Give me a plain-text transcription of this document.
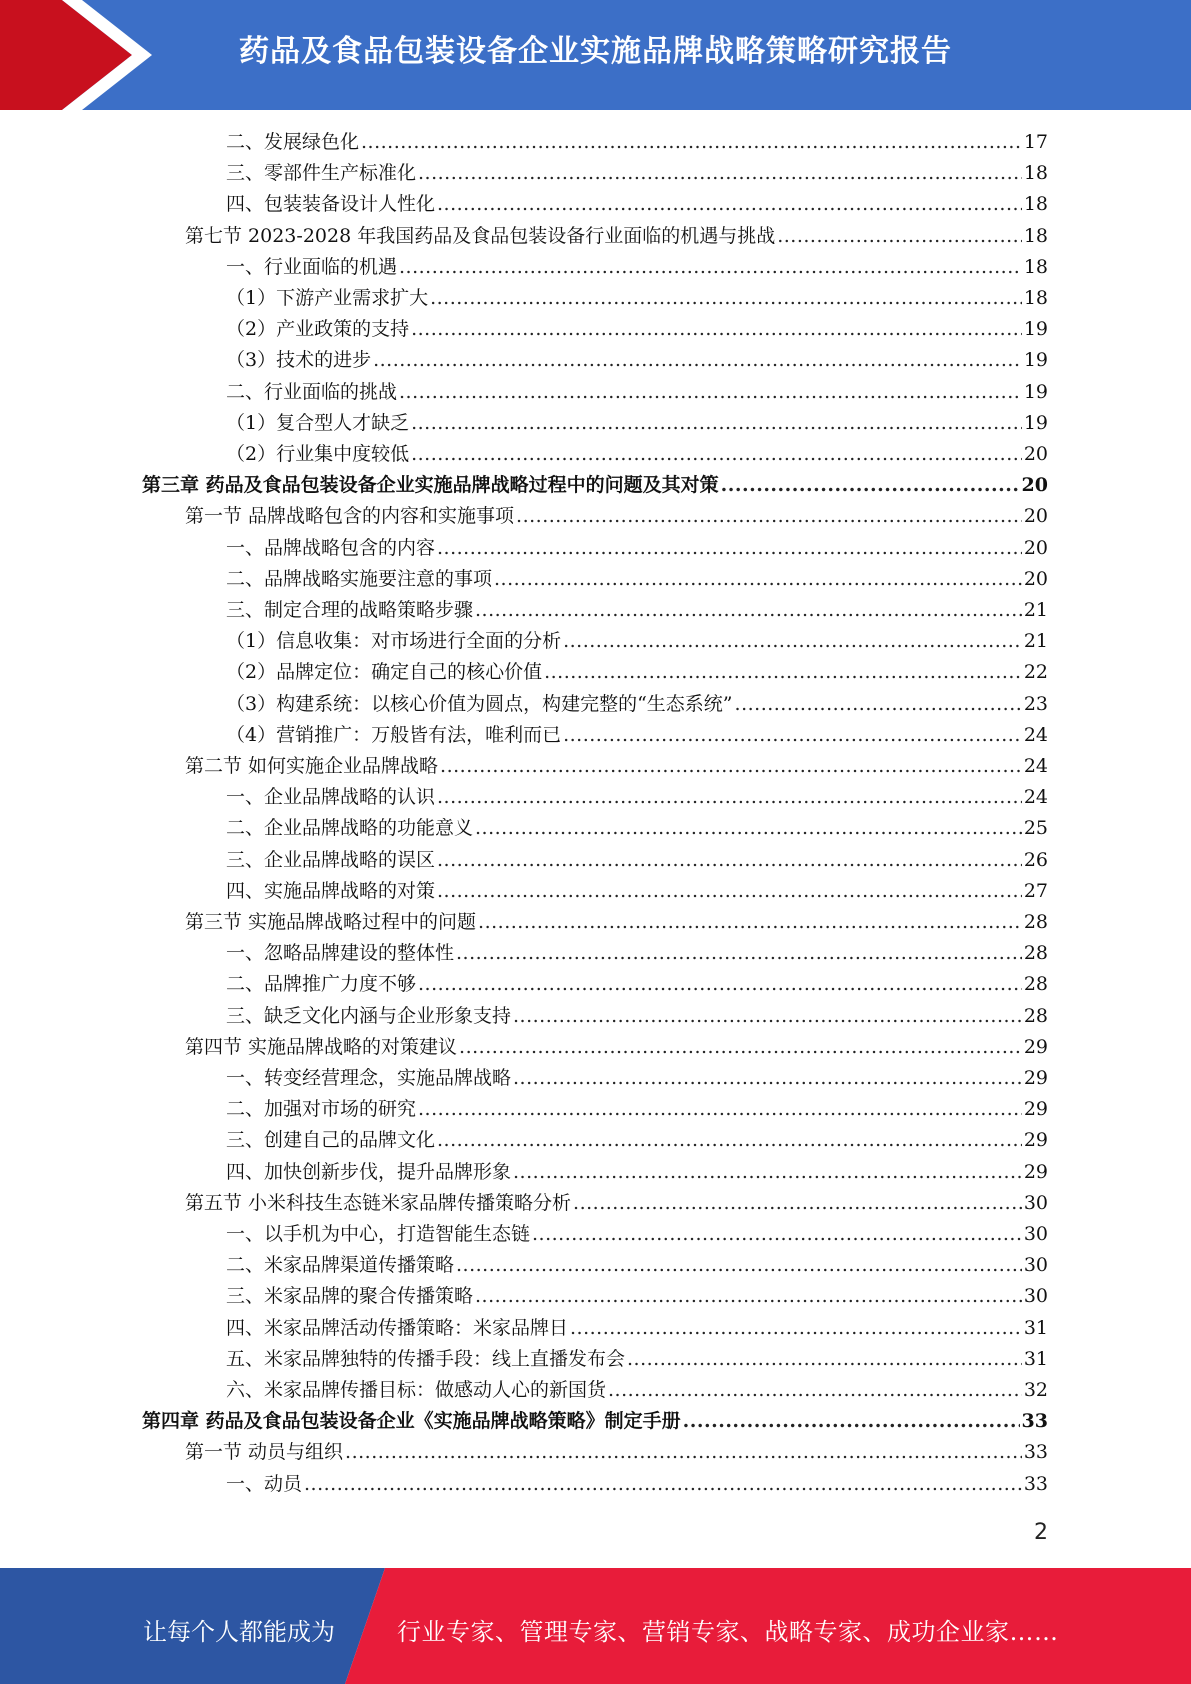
药品及食品包装设备企业实施品牌战略策略研究报告
二、发展绿色化 .....	17
三、零部件生产标准化 .....	18
四、包装装备设计人性化 .....	18
第七节 2023-2028 年我国药品及食品包装设备行业面临的机遇与挑战 .....	18
一、行业面临的机遇 .....	18
（1）下游产业需求扩大 .....	18
（2）产业政策的支持 .....	19
（3）技术的进步 .....	19
二、行业面临的挑战 .....	19
（1）复合型人才缺乏 .....	19
（2）行业集中度较低 .....	20
第三章 药品及食品包装设备企业实施品牌战略过程中的问题及其对策 .....	20
第一节 品牌战略包含的内容和实施事项 .....	20
一、品牌战略包含的内容 .....	20
二、品牌战略实施要注意的事项 .....	20
三、制定合理的战略策略步骤 .....	21
（1）信息收集：对市场进行全面的分析 .....	21
（2）品牌定位：确定自己的核心价值 .....	22
（3）构建系统：以核心价值为圆点，构建完整的“生态系统” .....	23
（4）营销推广：万般皆有法，唯利而已 .....	24
第二节 如何实施企业品牌战略 .....	24
一、企业品牌战略的认识 .....	24
二、企业品牌战略的功能意义 .....	25
三、企业品牌战略的误区 .....	26
四、实施品牌战略的对策 .....	27
第三节 实施品牌战略过程中的问题 .....	28
一、忽略品牌建设的整体性 .....	28
二、品牌推广力度不够 .....	28
三、缺乏文化内涵与企业形象支持 .....	28
第四节 实施品牌战略的对策建议 .....	29
一、转变经营理念，实施品牌战略 .....	29
二、加强对市场的研究 .....	29
三、创建自己的品牌文化 .....	29
四、加快创新步伐，提升品牌形象 .....	29
第五节 小米科技生态链米家品牌传播策略分析 .....	30
一、以手机为中心，打造智能生态链 .....	30
二、米家品牌渠道传播策略 .....	30
三、米家品牌的聚合传播策略 .....	30
四、米家品牌活动传播策略：米家品牌日 .....	31
五、米家品牌独特的传播手段：线上直播发布会 .....	31
六、米家品牌传播目标：做感动人心的新国货 .....	32
第四章 药品及食品包装设备企业《实施品牌战略策略》制定手册 .....	33
第一节 动员与组织 .....	33
一、动员 .....	33
2
让每个人都能成为	行业专家、管理专家、营销专家、战略专家、成功企业家……
